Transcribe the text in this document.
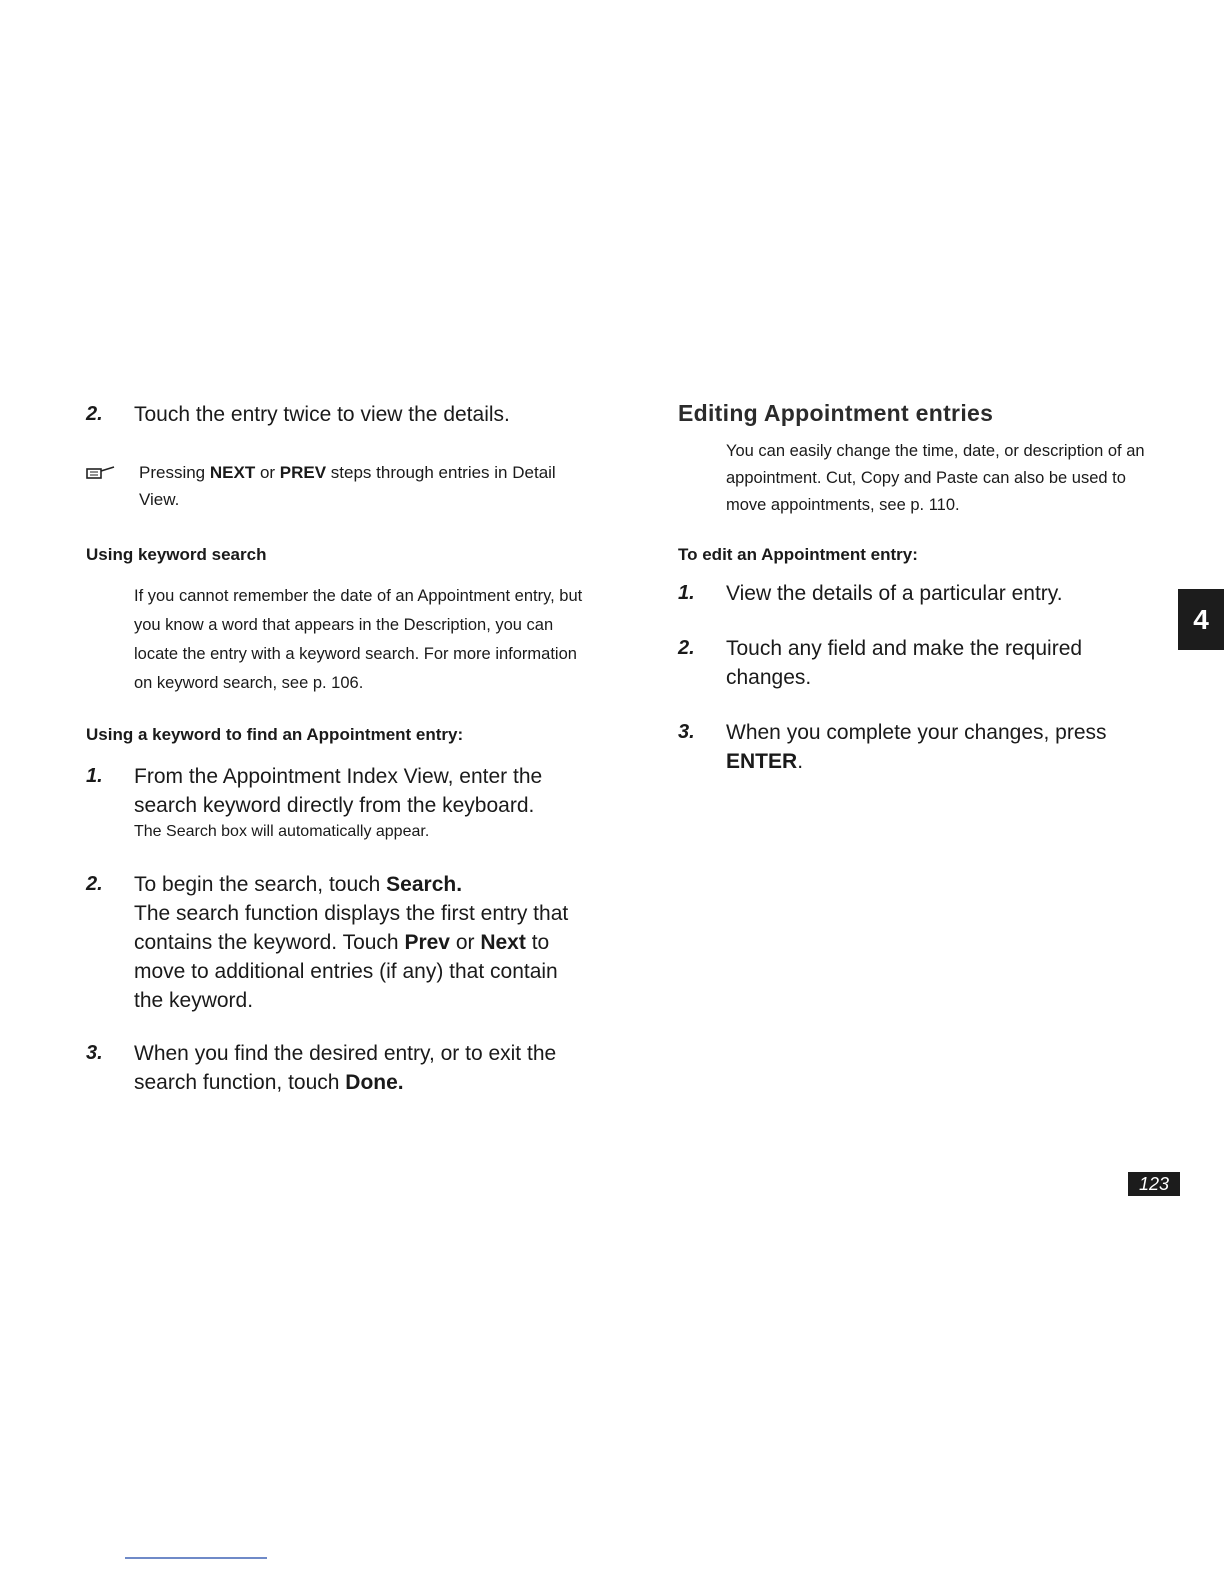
2. Touch the entry twice to view the details.

Pressing NEXT or PREV steps through entries in Detail View.

Using keyword search

If you cannot remember the date of an Appointment entry, but you know a word that appears in the Description, you can locate the entry with a keyword search. For more information on keyword search, see p. 106.

Using a keyword to find an Appointment entry:

1. From the Appointment Index View, enter the search keyword directly from the keyboard.
The Search box will automatically appear.

2. To begin the search, touch Search.
The search function displays the first entry that contains the keyword. Touch Prev or Next to move to additional entries (if any) that contain the keyword.

3. When you find the desired entry, or to exit the search function, touch Done.

Editing Appointment entries

You can easily change the time, date, or description of an appointment. Cut, Copy and Paste can also be used to move appointments, see p. 110.

To edit an Appointment entry:

1. View the details of a particular entry.

2. Touch any field and make the required changes.

3. When you complete your changes, press ENTER.

4
123
